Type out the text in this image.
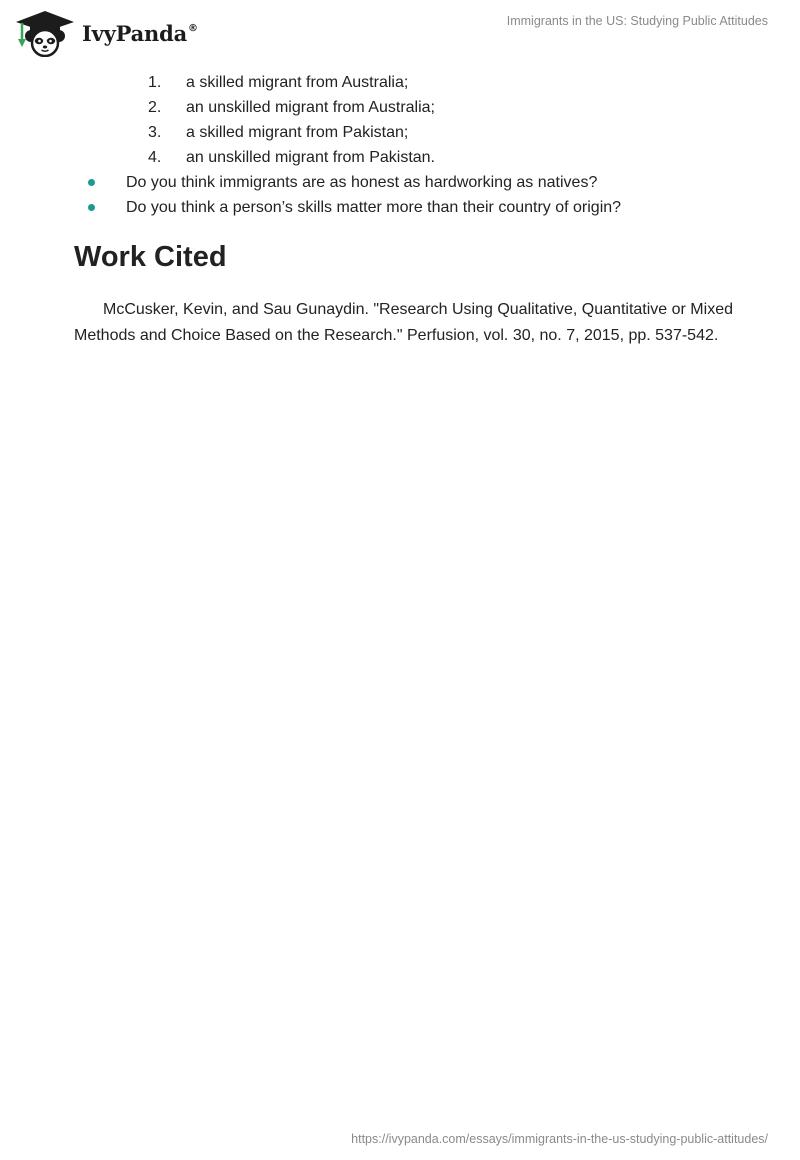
IvyPanda®	Immigrants in the US: Studying Public Attitudes
1.	a skilled migrant from Australia;
2.	an unskilled migrant from Australia;
3.	a skilled migrant from Pakistan;
4.	an unskilled migrant from Pakistan.
Do you think immigrants are as honest as hardworking as natives?
Do you think a person’s skills matter more than their country of origin?
Work Cited

McCusker, Kevin, and Sau Gunaydin. "Research Using Qualitative, Quantitative or Mixed Methods and Choice Based on the Research." Perfusion, vol. 30, no. 7, 2015, pp. 537-542.

https://ivypanda.com/essays/immigrants-in-the-us-studying-public-attitudes/
